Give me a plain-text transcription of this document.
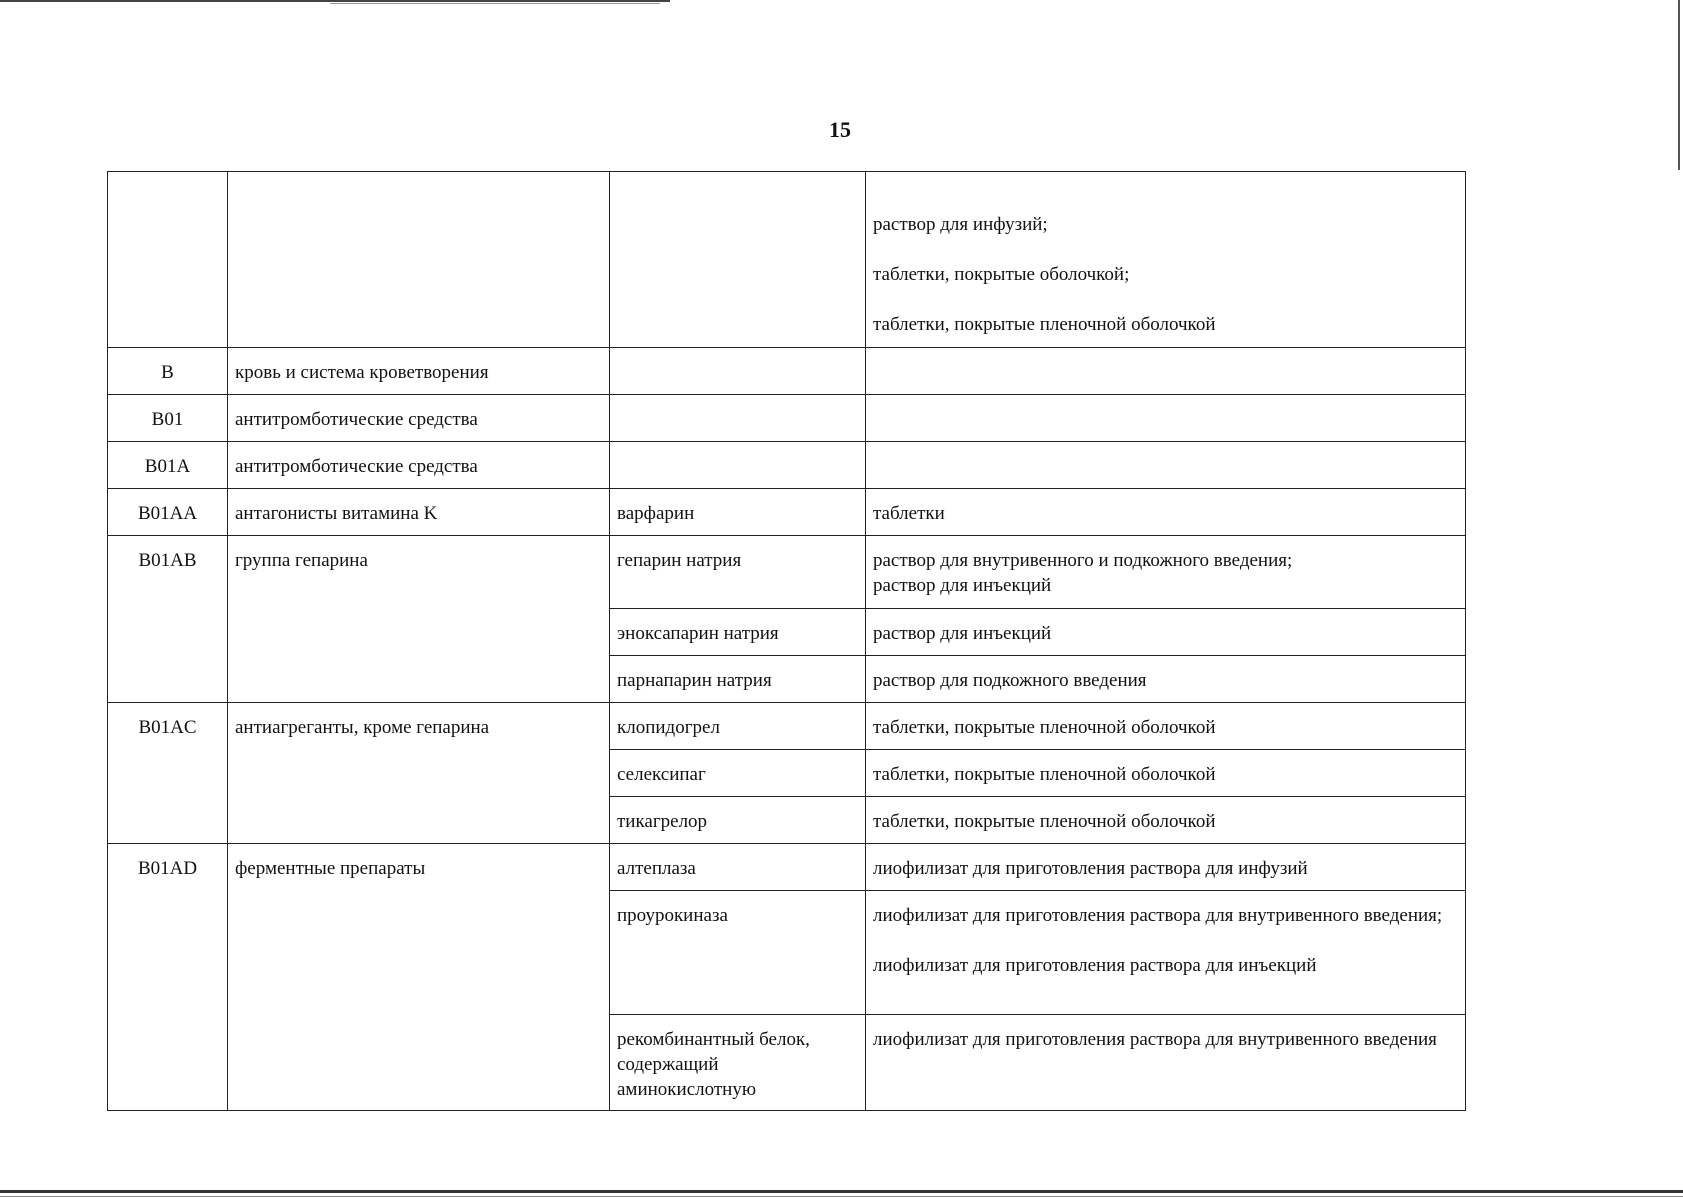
15

			раствор для инфузий;
таблетки, покрытые оболочкой;
таблетки, покрытые пленочной оболочкой

B	кровь и система кроветворения		
B01	антитромботические средства		
B01A	антитромботические средства		
B01AA	антагонисты витамина K	варфарин	таблетки

B01AB	группа гепарина	гепарин натрия	раствор для внутривенного и подкожного введения;
раствор для инъекций

		эноксапарин натрия	раствор для инъекций

		парнапарин натрия	раствор для подкожного введения

B01AC	антиагреганты, кроме гепарина	клопидогрел	таблетки, покрытые пленочной оболочкой

		селексипаг	таблетки, покрытые пленочной оболочкой

		тикагрелор	таблетки, покрытые пленочной оболочкой

B01AD	ферментные препараты	алтеплаза	лиофилизат для приготовления раствора для инфузий

		проурокиназа	лиофилизат для приготовления раствора для внутривенного введения;
лиофилизат для приготовления раствора для инъекций

		рекомбинантный белок, содержащий аминокислотную	лиофилизат для приготовления раствора для внутривенного введения
